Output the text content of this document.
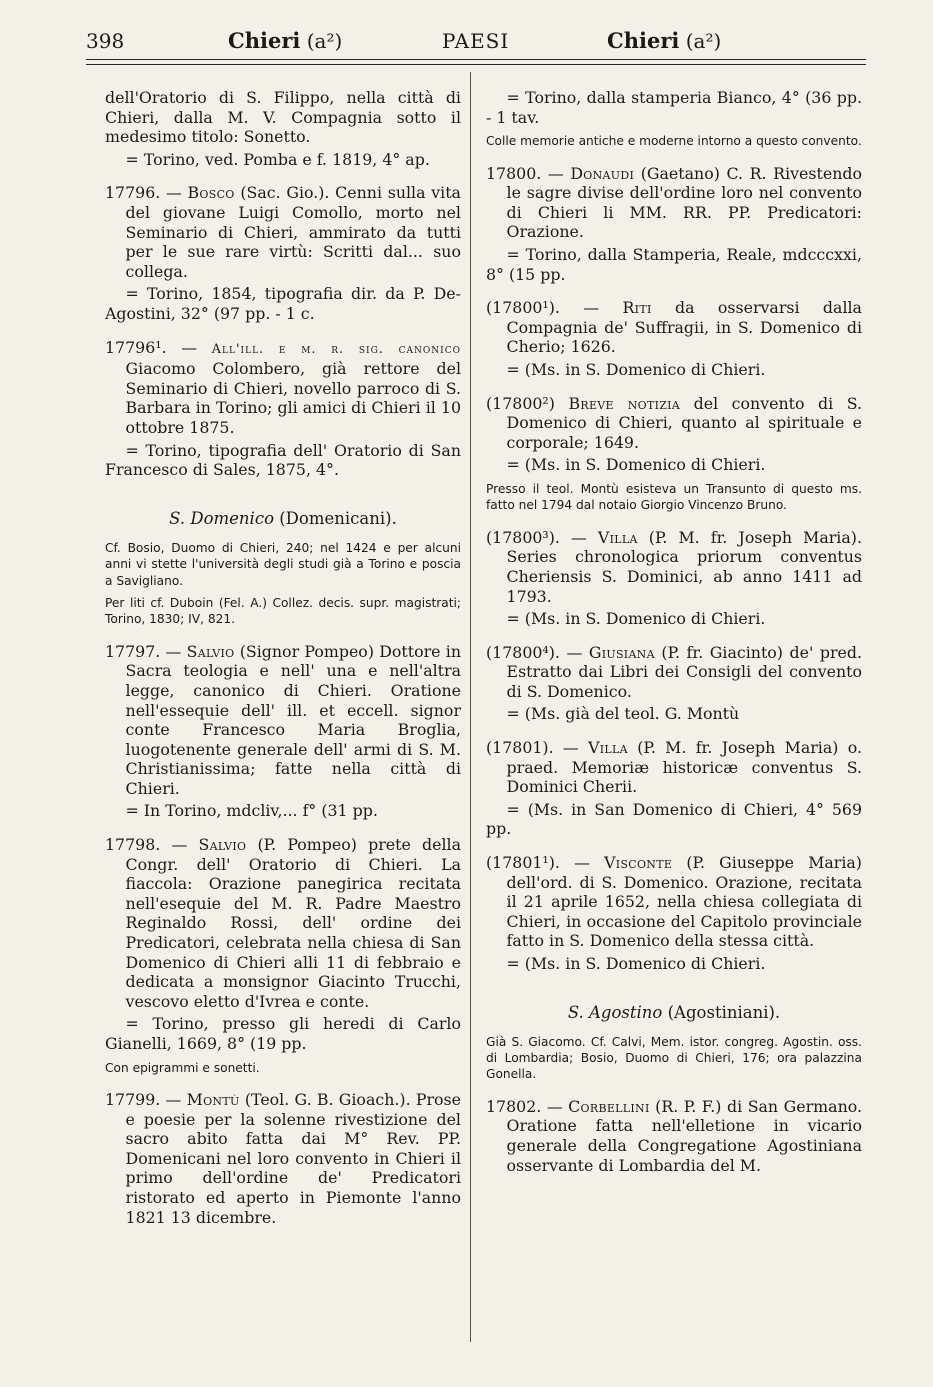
398	Chieri (a²)	PAESI	Chieri (a²)

dell'Oratorio di S. Filippo, nella città di Chieri, dalla M. V. Compagnia sotto il medesimo titolo: Sonetto.

= Torino, ved. Pomba e f. 1819, 4° ap.

17796. — Bosco (Sac. Gio.). Cenni sulla vita del giovane Luigi Comollo, morto nel Seminario di Chieri, ammirato da tutti per le sue rare virtù: Scritti dal... suo collega.

= Torino, 1854, tipografia dir. da P. De-Agostini, 32° (97 pp. - 1 c.

17796¹. — All'ill. e m. r. sig. canonico Giacomo Colombero, già rettore del Seminario di Chieri, novello parroco di S. Barbara in Torino; gli amici di Chieri il 10 ottobre 1875.

= Torino, tipografia dell' Oratorio di San Francesco di Sales, 1875, 4°.

S. Domenico (Domenicani).

Cf. Bosio, Duomo di Chieri, 240; nel 1424 e per alcuni anni vi stette l'università degli studi già a Torino e poscia a Savigliano.

Per liti cf. Duboin (Fel. A.) Collez. decis. supr. magistrati; Torino, 1830; IV, 821.

17797. — Salvio (Signor Pompeo) Dottore in Sacra teologia e nell' una e nell'altra legge, canonico di Chieri. Oratione nell'essequie dell' ill. et eccell. signor conte Francesco Maria Broglia, luogotenente generale dell' armi di S. M. Christianissima; fatte nella città di Chieri.

= In Torino, mdcliv,... f° (31 pp.

17798. — Salvio (P. Pompeo) prete della Congr. dell' Oratorio di Chieri. La fiaccola: Orazione panegirica recitata nell'esequie del M. R. Padre Maestro Reginaldo Rossi, dell' ordine dei Predicatori, celebrata nella chiesa di San Domenico di Chieri alli 11 di febbraio e dedicata a monsignor Giacinto Trucchi, vescovo eletto d'Ivrea e conte.

= Torino, presso gli heredi di Carlo Gianelli, 1669, 8° (19 pp.

Con epigrammi e sonetti.

17799. — Montù (Teol. G. B. Gioach.). Prose e poesie per la solenne rivestizione del sacro abito fatta dai M° Rev. PP. Domenicani nel loro convento in Chieri il primo dell'ordine de' Predicatori ristorato ed aperto in Piemonte l'anno 1821 13 dicembre.

= Torino, dalla stamperia Bianco, 4° (36 pp. - 1 tav.

Colle memorie antiche e moderne intorno a questo convento.

17800. — Donaudi (Gaetano) C. R. Rivestendo le sagre divise dell'ordine loro nel convento di Chieri li MM. RR. PP. Predicatori: Orazione.

= Torino, dalla Stamperia, Reale, mdcccxxi, 8° (15 pp.

(17800¹). — Riti da osservarsi dalla Compagnia de' Suffragii, in S. Domenico di Cherio; 1626.

= (Ms. in S. Domenico di Chieri.

(17800²) Breve notizia del convento di S. Domenico di Chieri, quanto al spirituale e corporale; 1649.

= (Ms. in S. Domenico di Chieri.

Presso il teol. Montù esisteva un Transunto di questo ms. fatto nel 1794 dal notaio Giorgio Vincenzo Bruno.

(17800³). — Villa (P. M. fr. Joseph Maria). Series chronologica priorum conventus Cheriensis S. Dominici, ab anno 1411 ad 1793.

= (Ms. in S. Domenico di Chieri.

(17800⁴). — Giusiana (P. fr. Giacinto) de' pred. Estratto dai Libri dei Consigli del convento di S. Domenico.

= (Ms. già del teol. G. Montù

(17801). — Villa (P. M. fr. Joseph Maria) o. praed. Memoriæ historicæ conventus S. Dominici Cherii.

= (Ms. in San Domenico di Chieri, 4° 569 pp.

(17801¹). — Visconte (P. Giuseppe Maria) dell'ord. di S. Domenico. Orazione, recitata il 21 aprile 1652, nella chiesa collegiata di Chieri, in occasione del Capitolo provinciale fatto in S. Domenico della stessa città.

= (Ms. in S. Domenico di Chieri.

S. Agostino (Agostiniani).

Già S. Giacomo. Cf. Calvi, Mem. istor. congreg. Agostin. oss. di Lombardia; Bosio, Duomo di Chieri, 176; ora palazzina Gonella.

17802. — Corbellini (R. P. F.) di San Germano. Oratione fatta nell'elletione in vicario generale della Congregatione Agostiniana osservante di Lombardia del M.
